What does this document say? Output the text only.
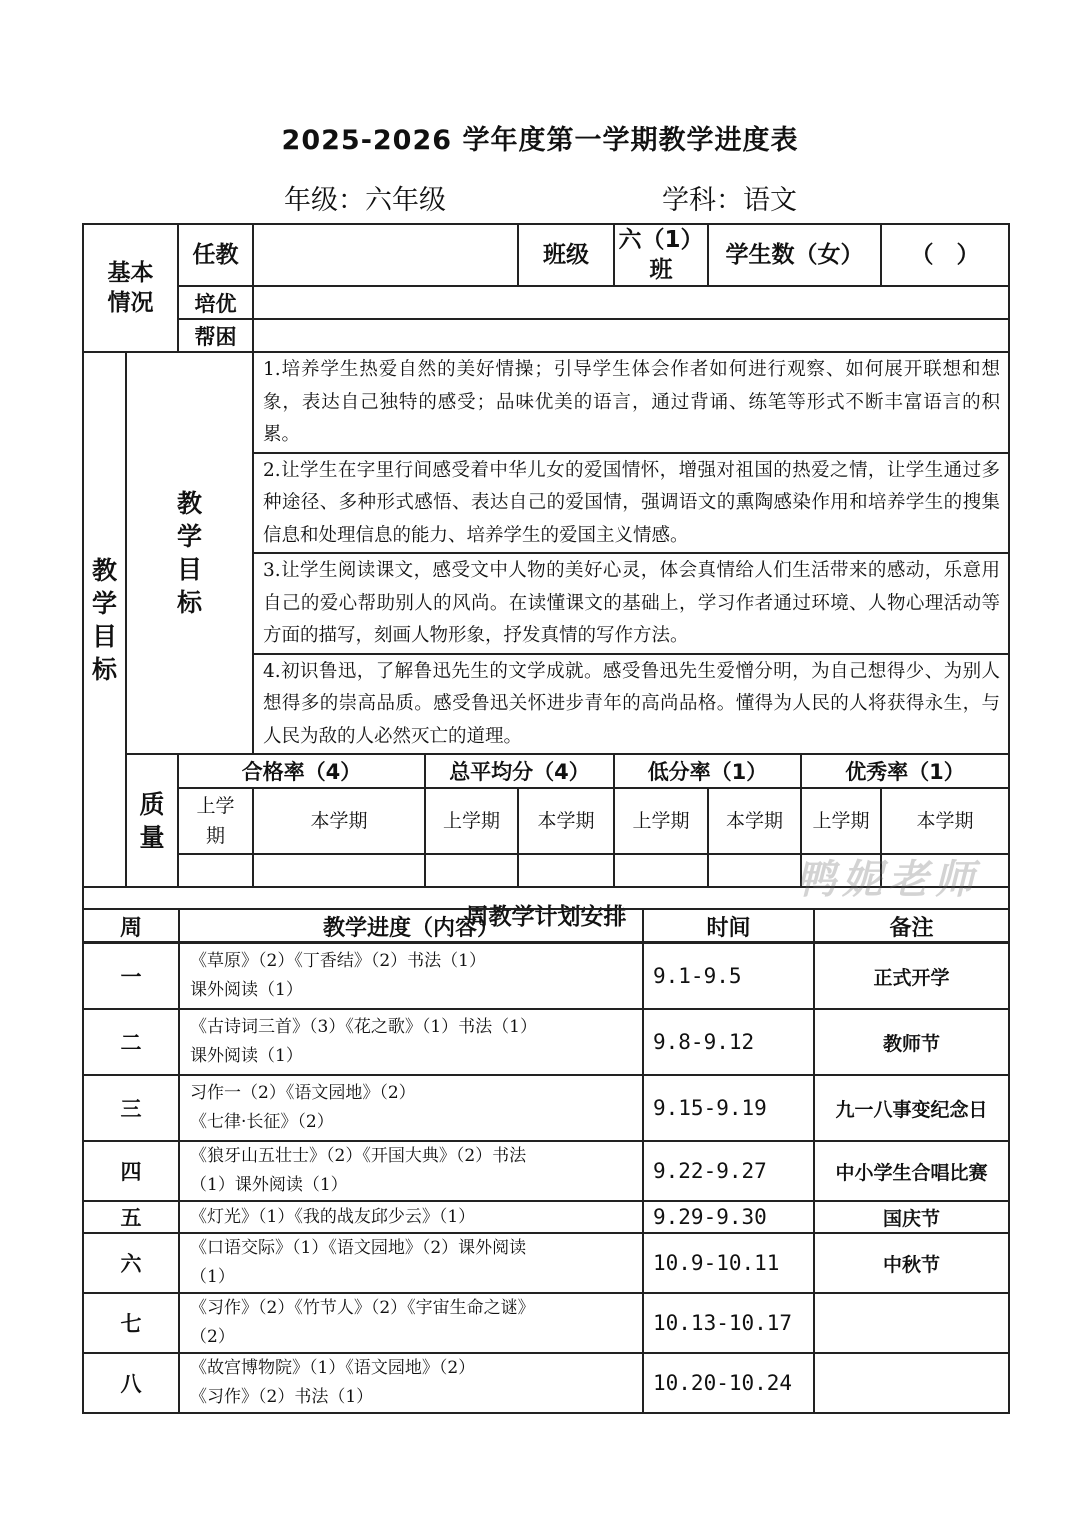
2025-2026 学年度第一学期教学进度表
年级：六年级	学科：语文
基本情况		任教			班级	六（1）班	学生数（女）		（　）
		培优							
		帮困							

教学目标	教学目标		1.培养学生热爱自然的美好情操；引导学生体会作者如何进行观察、如何展开联想和想象，表达自己独特的感受；品味优美的语言，通过背诵、练笔等形式不断丰富语言的积累。						
			2.让学生在字里行间感受着中华儿女的爱国情怀，增强对祖国的热爱之情，让学生通过多种途径、多种形式感悟、表达自己的爱国情，强调语文的熏陶感染作用和培养学生的搜集信息和处理信息的能力、培养学生的爱国主义情感。						
			3.让学生阅读课文，感受文中人物的美好心灵，体会真情给人们生活带来的感动，乐意用自己的爱心帮助别人的风尚。在读懂课文的基础上，学习作者通过环境、人物心理活动等方面的描写，刻画人物形象，抒发真情的写作方法。						
			4.初识鲁迅，了解鲁迅先生的文学成就。感受鲁迅先生爱憎分明，为自己想得少、为别人想得多的崇高品质。感受鲁迅关怀进步青年的高尚品格。懂得为人民的人将获得永生，与人民为敌的人必然灭亡的道理。						

	质量	合格率（4）		总平均分（4）		低分率（1）		优秀率（1）	

		上学期	本学期	上学期	本学期	上学期	本学期	上学期	本学期

周教学计划安排									
周	教学进度（内容）	时间	备注
一	《草原》（2）《丁香结》（2）书法（1）
课外阅读（1）	9.1-9.5	正式开学
二	《古诗词三首》（3）《花之歌》（1）书法（1）
课外阅读（1）	9.8-9.12	教师节
三	习作一（2）《语文园地》（2）
《七律·长征》（2）	9.15-9.19	九一八事变纪念日
四	《狼牙山五壮士》（2）《开国大典》（2）书法
（1）课外阅读（1）	9.22-9.27	中小学生合唱比赛
五	《灯光》（1）《我的战友邱少云》（1）	9.29-9.30	国庆节
六	《口语交际》（1）《语文园地》（2）课外阅读
（1）	10.9-10.11	中秋节
七	《习作》（2）《竹节人》（2）《宇宙生命之谜》
（2）	10.13-10.17	
八	《故宫博物院》（1）《语文园地》（2）
《习作》（2）书法（1）	10.20-10.24	
鸭妮老师
